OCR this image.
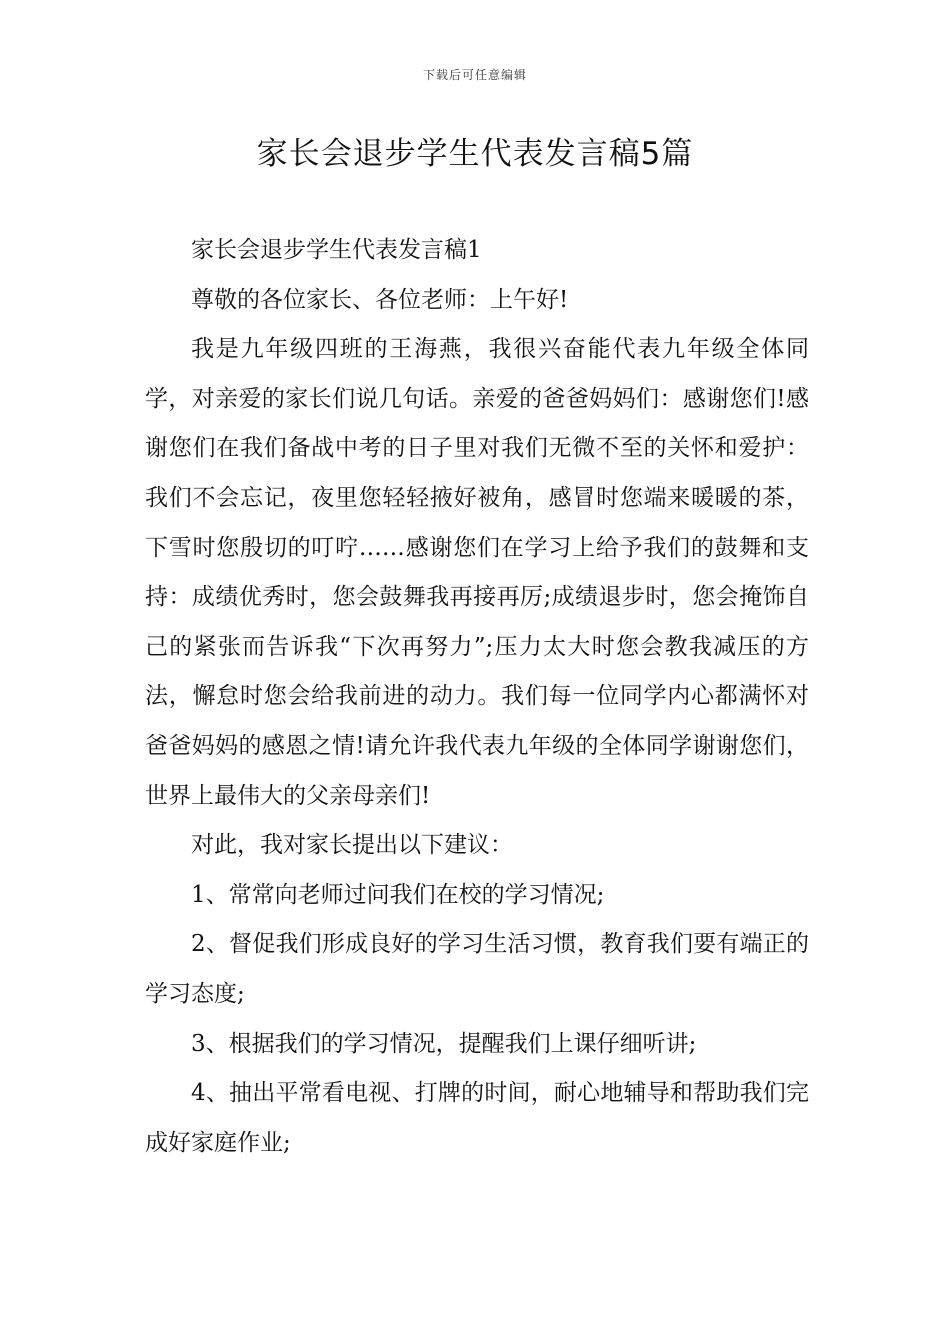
下载后可任意编辑
家长会退步学生代表发言稿5篇

家长会退步学生代表发言稿1

尊敬的各位家长、各位老师：上午好!

我是九年级四班的王海燕，我很兴奋能代表九年级全体同学，对亲爱的家长们说几句话。亲爱的爸爸妈妈们：感谢您们!感谢您们在我们备战中考的日子里对我们无微不至的关怀和爱护：我们不会忘记，夜里您轻轻掖好被角，感冒时您端来暖暖的茶，下雪时您殷切的叮咛……感谢您们在学习上给予我们的鼓舞和支持：成绩优秀时，您会鼓舞我再接再厉;成绩退步时，您会掩饰自己的紧张而告诉我“下次再努力”;压力太大时您会教我减压的方法，懈怠时您会给我前进的动力。我们每一位同学内心都满怀对爸爸妈妈的感恩之情!请允许我代表九年级的全体同学谢谢您们，世界上最伟大的父亲母亲们!

对此，我对家长提出以下建议：

1、常常向老师过问我们在校的学习情况;

2、督促我们形成良好的学习生活习惯，教育我们要有端正的学习态度;

3、根据我们的学习情况，提醒我们上课仔细听讲;

4、抽出平常看电视、打牌的时间，耐心地辅导和帮助我们完成好家庭作业;
